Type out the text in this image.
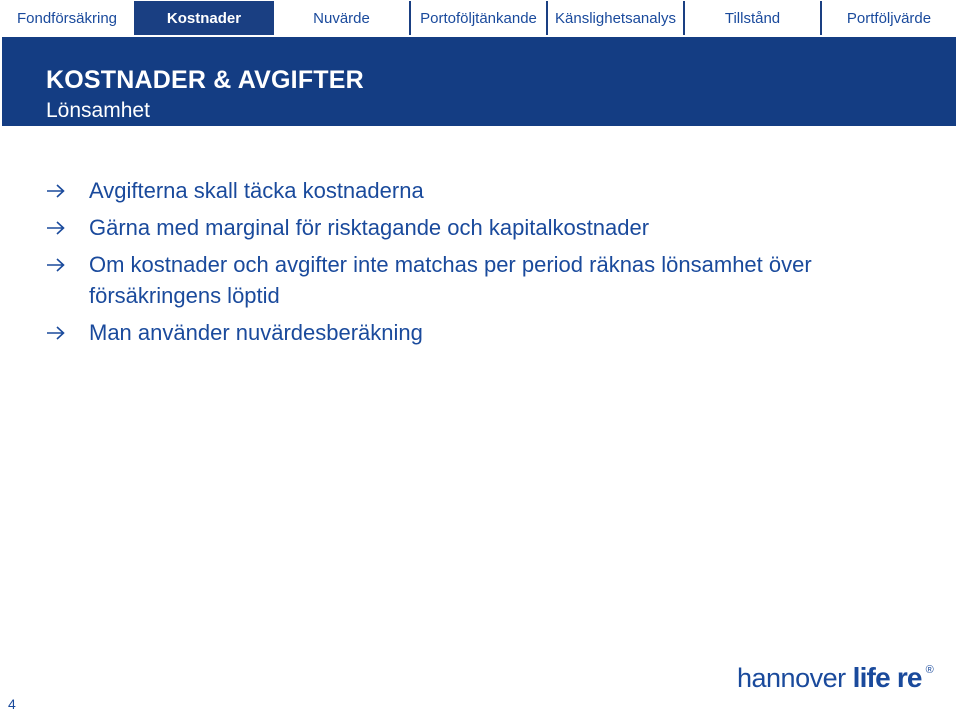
Fondförsäkring	Kostnader	Nuvärde	Portoföljtänkande	Känslighetsanalys	Tillstånd	Portföljvärde
KOSTNADER & AVGIFTER
Lönsamhet
Avgifterna skall täcka kostnaderna
Gärna med marginal för risktagande och kapitalkostnader
Om kostnader och avgifter inte matchas per period räknas lönsamhet över försäkringens löptid
Man använder nuvärdesberäkning
4
hannover life re ®
